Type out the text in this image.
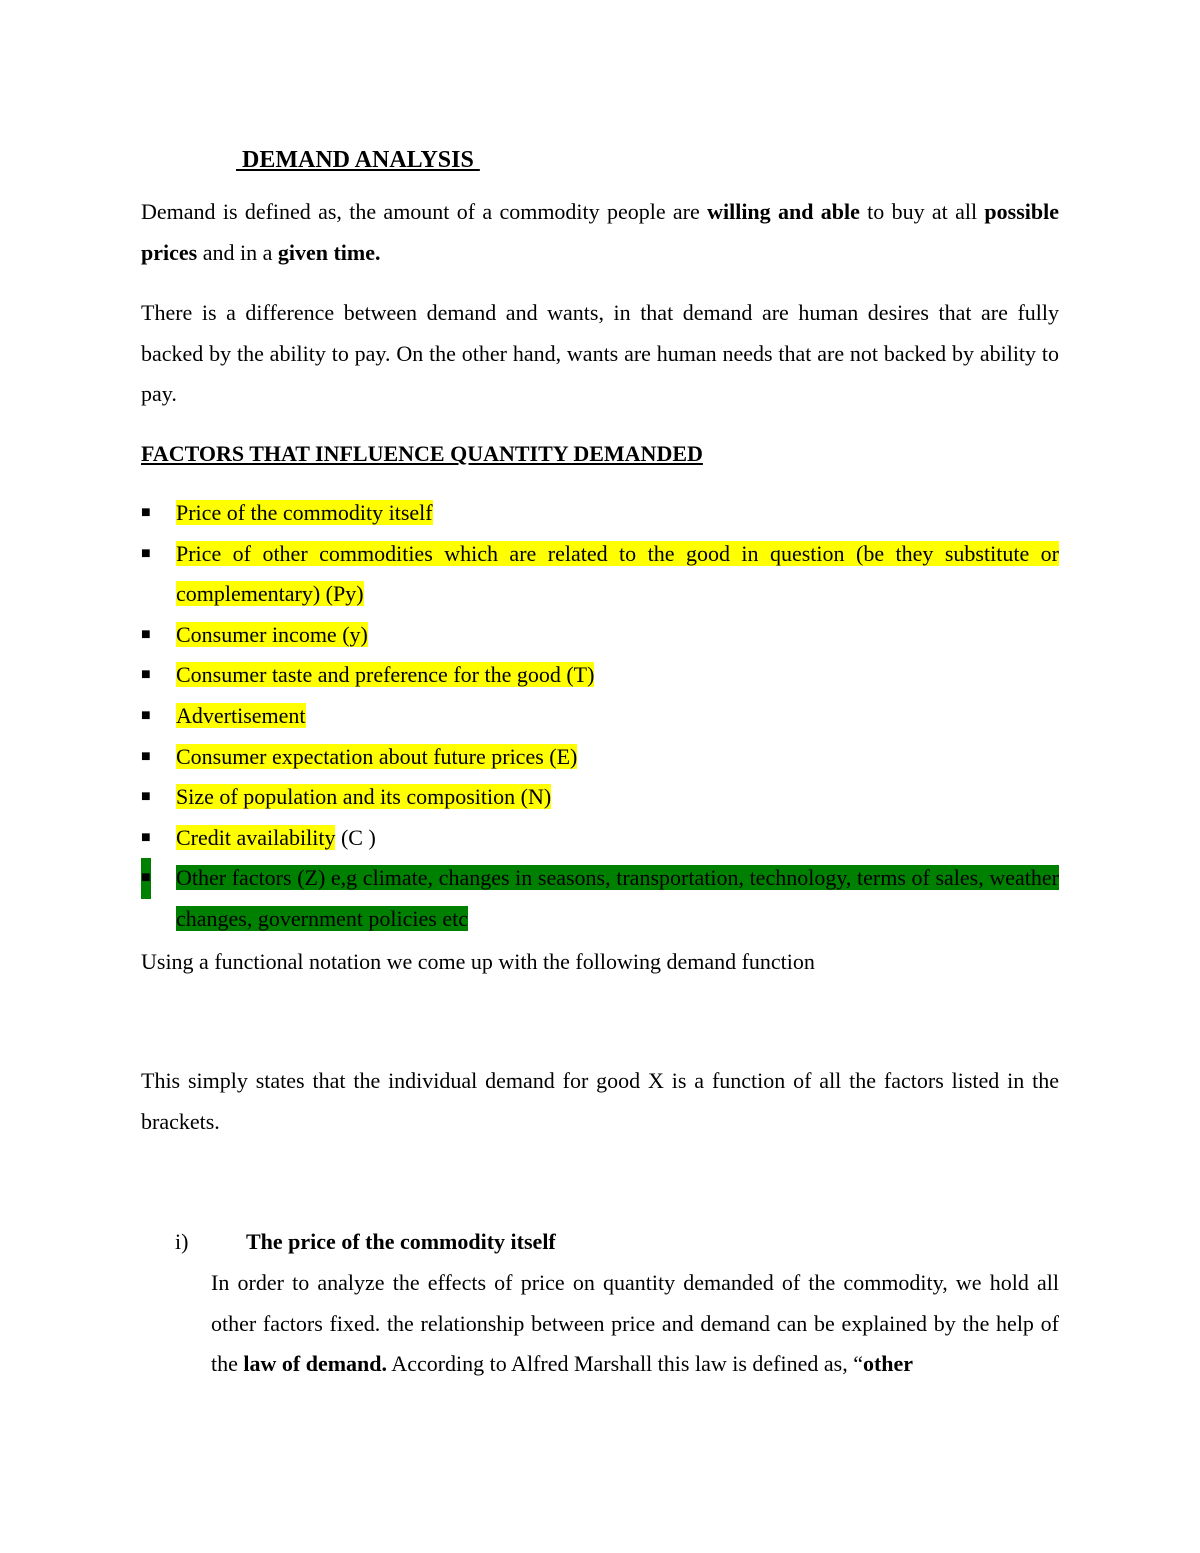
DEMAND ANALYSIS

Demand is defined as, the amount of a commodity people are willing and able to buy at all possible prices and in a given time.

There is a difference between demand and wants, in that demand are human desires that are fully backed by the ability to pay. On the other hand, wants are human needs that are not backed by ability to pay.

FACTORS THAT INFLUENCE QUANTITY DEMANDED
■ Price of the commodity itself
■ Price of other commodities which are related to the good in question (be they substitute or complementary) (Py)
■ Consumer income (y)
■ Consumer taste and preference for the good (T)
■ Advertisement
■ Consumer expectation about future prices (E)
■ Size of population and its composition (N)
■ Credit availability (C )
■ Other factors (Z) e,g climate, changes in seasons, transportation, technology, terms of sales, weather changes, government policies etc
Using a functional notation we come up with the following demand function

This simply states that the individual demand for good X is a function of all the factors listed in the brackets.

i)	The price of the commodity itself

In order to analyze the effects of price on quantity demanded of the commodity, we hold all other factors fixed. the relationship between price and demand can be explained by the help of the law of demand. According to Alfred Marshall this law is defined as, “other
